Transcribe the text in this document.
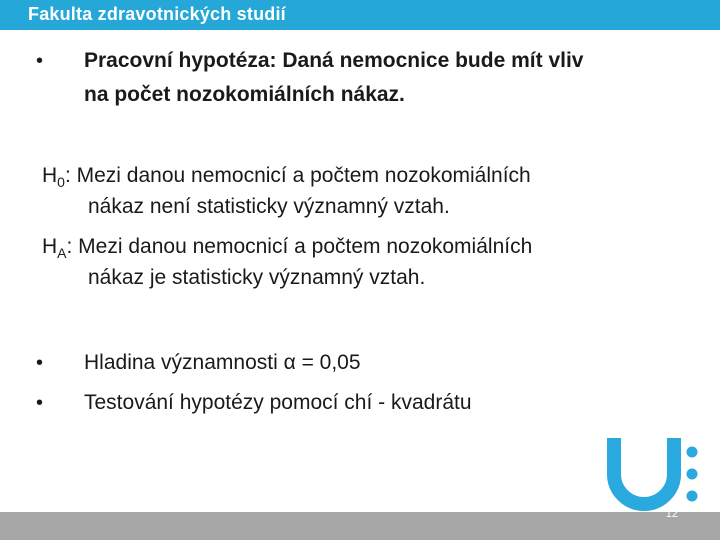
Fakulta zdravotnických studií
• Pracovní hypotéza: Daná nemocnice bude mít vliv
na počet nozokomiálních nákaz.
$H_0$: Mezi danou nemocnicí a počtem nozokomiálních
nákaz není statisticky významný vztah.
$H_A$: Mezi danou nemocnicí a počtem nozokomiálních
nákaz je statisticky významný vztah.
• Hladina významnosti α = 0,05
• Testování hypotézy pomocí chí - kvadrátu
12
